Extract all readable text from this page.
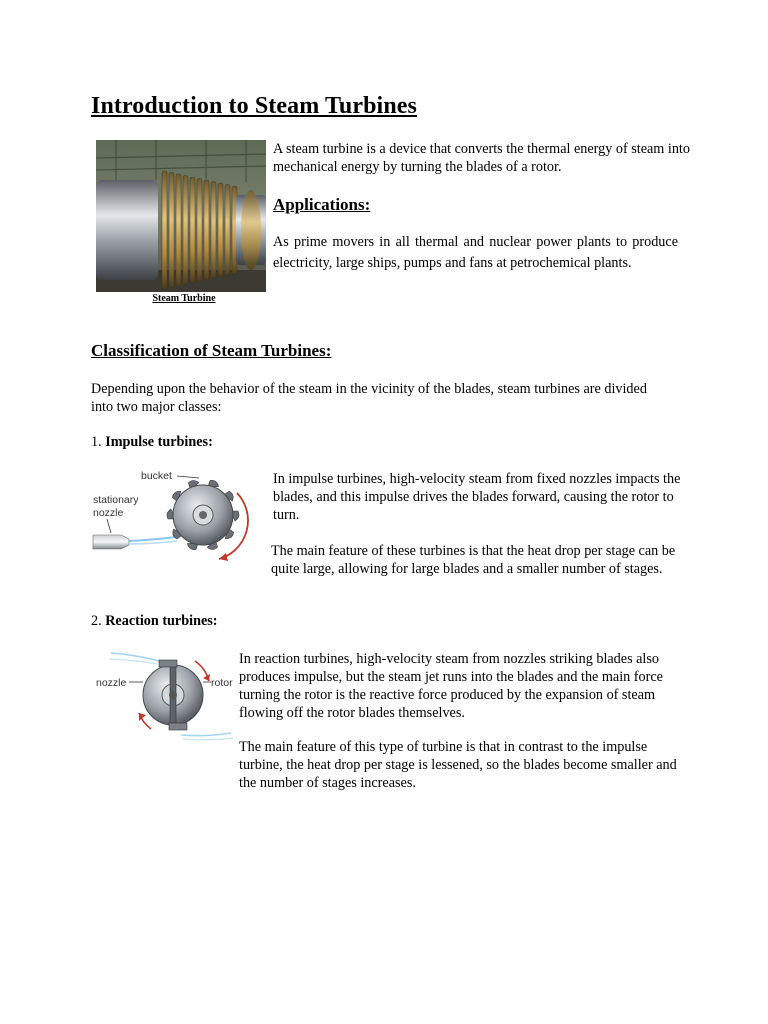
Introduction to Steam Turbines
Steam Turbine

A steam turbine is a device that converts the thermal energy of steam into mechanical energy by turning the blades of a rotor.

Applications:

As prime movers in all thermal and nuclear power plants to produce electricity, large ships, pumps and fans at petrochemical plants.

Classification of Steam Turbines:

Depending upon the behavior of the steam in the vicinity of the blades, steam turbines are divided into two major classes:

1. Impulse turbines:
bucket
stationary
nozzle

In impulse turbines, high-velocity steam from fixed nozzles impacts the blades, and this impulse drives the blades forward, causing the rotor to turn.

The main feature of these turbines is that the heat drop per stage can be quite large, allowing for large blades and a smaller number of stages.

2. Reaction turbines:
nozzle	rotor

In reaction turbines, high-velocity steam from nozzles striking blades also produces impulse, but the steam jet runs into the blades and the main force turning the rotor is the reactive force produced by the expansion of steam flowing off the rotor blades themselves.

The main feature of this type of turbine is that in contrast to the impulse turbine, the heat drop per stage is lessened, so the blades become smaller and the number of stages increases.
